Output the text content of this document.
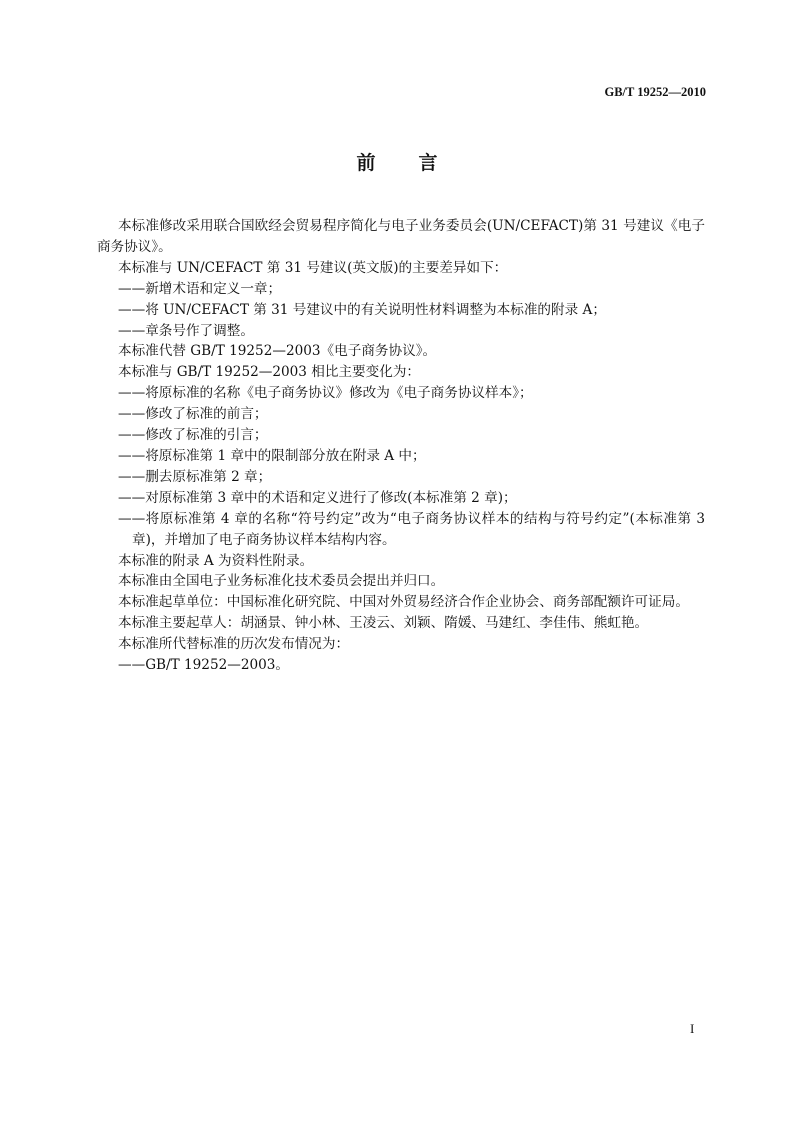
GB/T 19252—2010
前　言

本标准修改采用联合国欧经会贸易程序简化与电子业务委员会(UN/CEFACT)第 31 号建议《电子商务协议》。

本标准与 UN/CEFACT 第 31 号建议(英文版)的主要差异如下：

——新增术语和定义一章；

——将 UN/CEFACT 第 31 号建议中的有关说明性材料调整为本标准的附录 A；

——章条号作了调整。

本标准代替 GB/T 19252—2003《电子商务协议》。

本标准与 GB/T 19252—2003 相比主要变化为：

——将原标准的名称《电子商务协议》修改为《电子商务协议样本》；

——修改了标准的前言；

——修改了标准的引言；

——将原标准第 1 章中的限制部分放在附录 A 中；

——删去原标准第 2 章；

——对原标准第 3 章中的术语和定义进行了修改(本标准第 2 章)；

——将原标准第 4 章的名称“符号约定”改为“电子商务协议样本的结构与符号约定”(本标准第 3 章)，并增加了电子商务协议样本结构内容。

本标准的附录 A 为资料性附录。

本标准由全国电子业务标准化技术委员会提出并归口。

本标准起草单位：中国标准化研究院、中国对外贸易经济合作企业协会、商务部配额许可证局。

本标准主要起草人：胡涵景、钟小林、王凌云、刘颖、隋媛、马建红、李佳伟、熊虹艳。

本标准所代替标准的历次发布情况为：

——GB/T 19252—2003。

I
